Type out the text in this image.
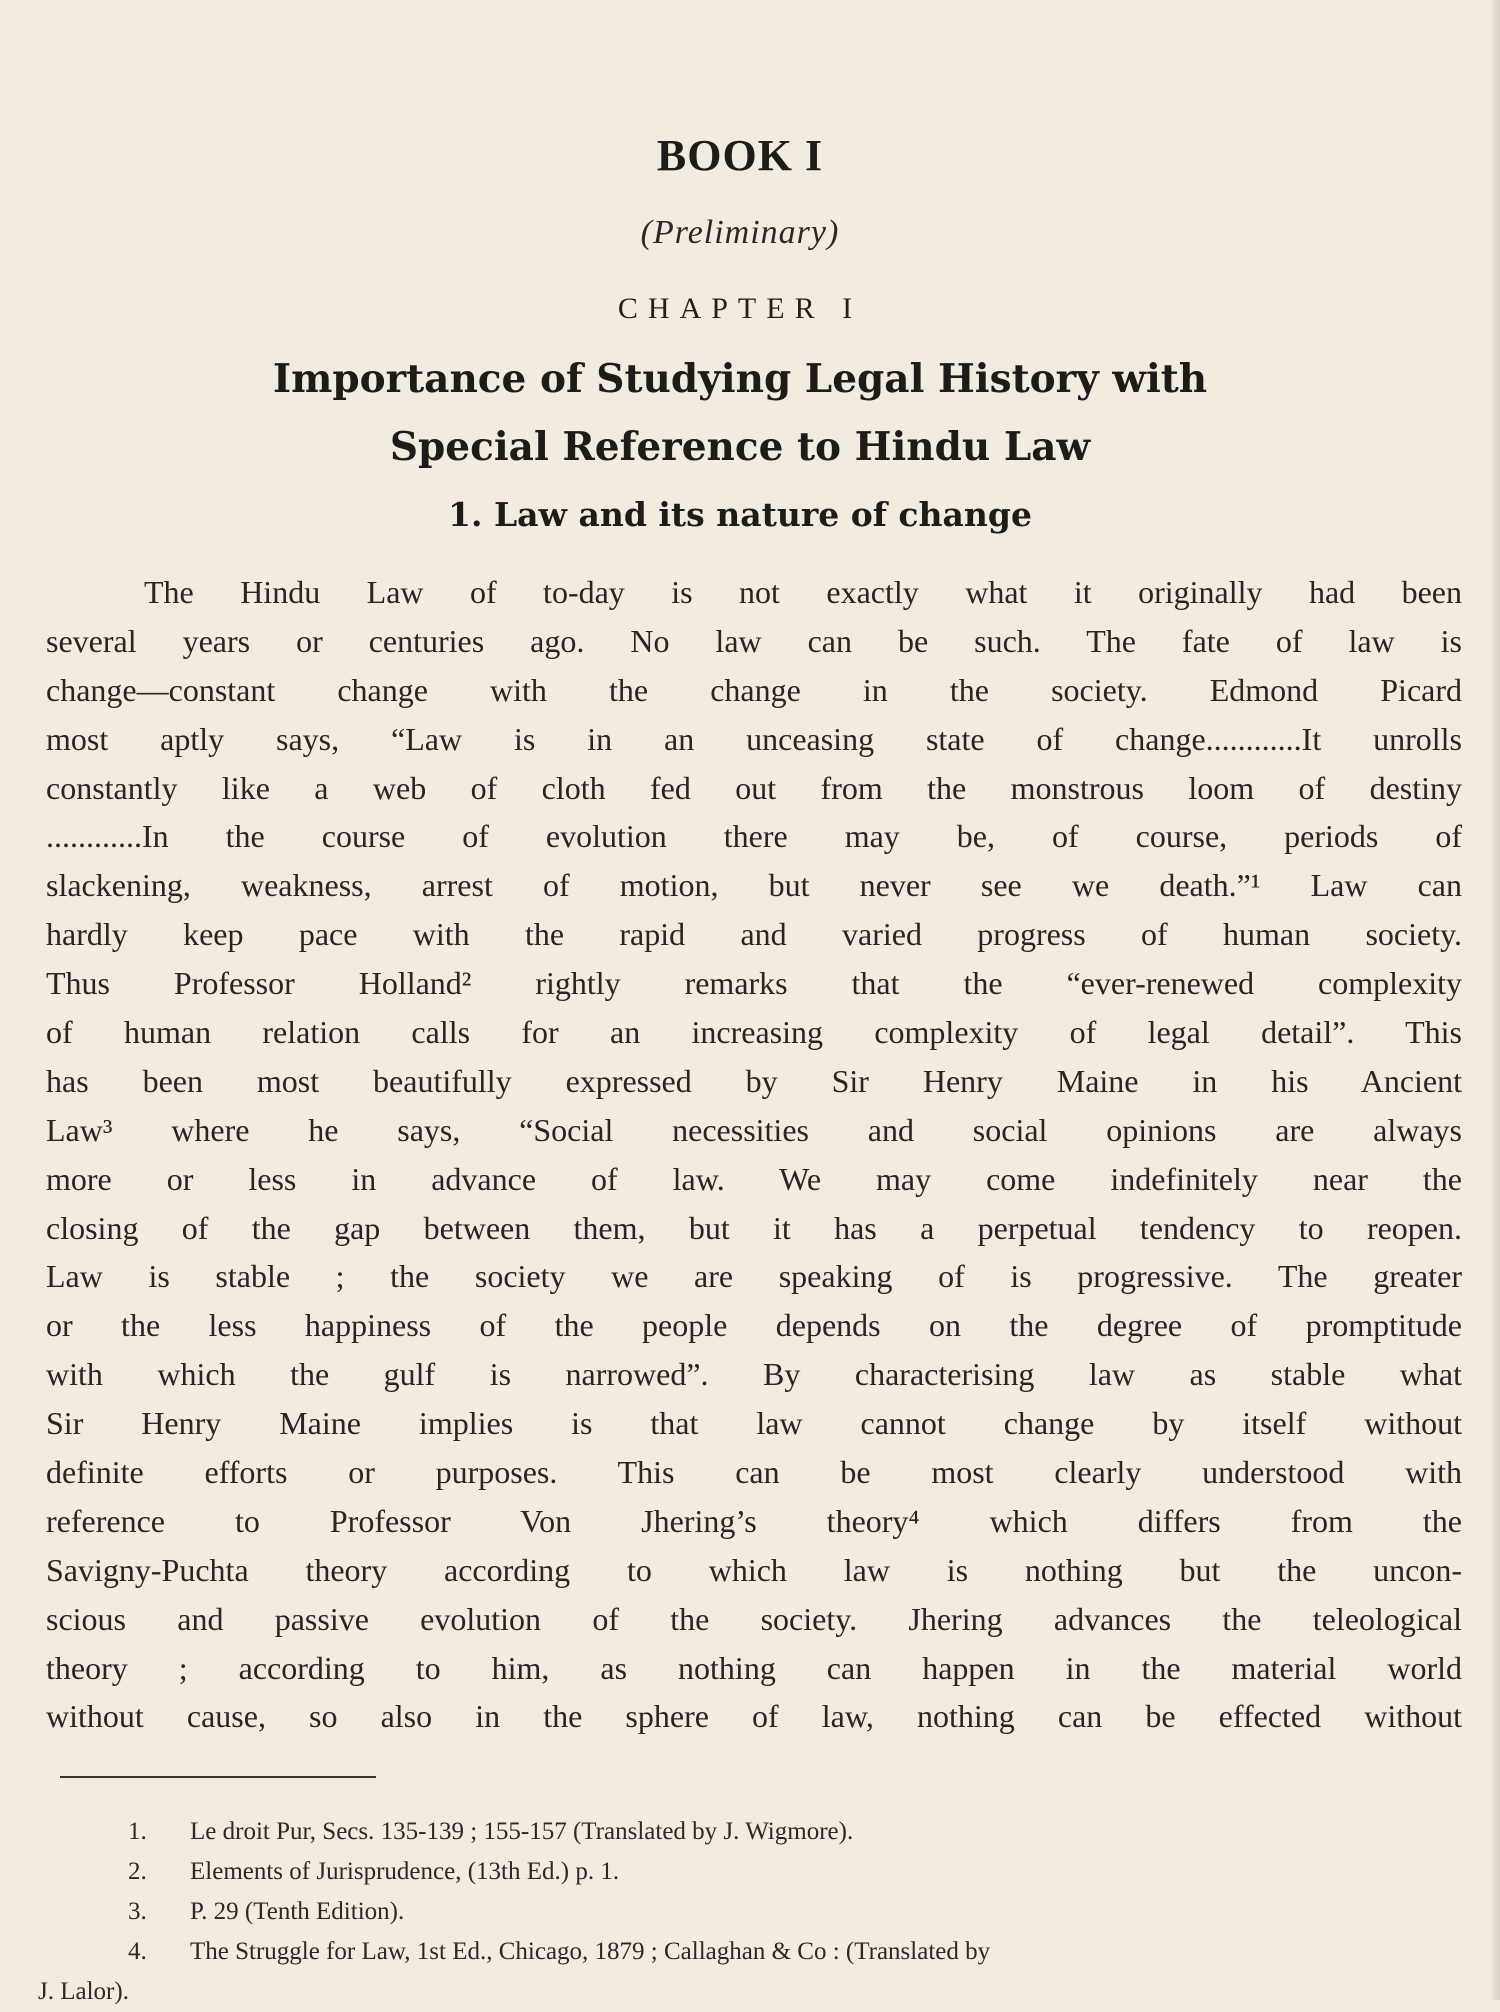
BOOK I
(Preliminary)
CHAPTER I
Importance of Studying Legal History with
Special Reference to Hindu Law
1. Law and its nature of change
The Hindu Law of to-day is not exactly what it originally had been
several years or centuries ago. No law can be such. The fate of law is
change—constant change with the change in the society. Edmond Picard
most aptly says, “Law is in an unceasing state of change............It unrolls
constantly like a web of cloth fed out from the monstrous loom of destiny
............In the course of evolution there may be, of course, periods of
slackening, weakness, arrest of motion, but never see we death.”¹ Law can
hardly keep pace with the rapid and varied progress of human society.
Thus Professor Holland² rightly remarks that the “ever-renewed complexity
of human relation calls for an increasing complexity of legal detail”. This
has been most beautifully expressed by Sir Henry Maine in his Ancient
Law³ where he says, “Social necessities and social opinions are always
more or less in advance of law. We may come indefinitely near the
closing of the gap between them, but it has a perpetual tendency to reopen.
Law is stable ; the society we are speaking of is progressive. The greater
or the less happiness of the people depends on the degree of promptitude
with which the gulf is narrowed”. By characterising law as stable what
Sir Henry Maine implies is that law cannot change by itself without
definite efforts or purposes. This can be most clearly understood with
reference to Professor Von Jhering’s theory⁴ which differs from the
Savigny-Puchta theory according to which law is nothing but the uncon-
scious and passive evolution of the society. Jhering advances the teleological
theory ; according to him, as nothing can happen in the material world
without cause, so also in the sphere of law, nothing can be effected without
1. Le droit Pur, Secs. 135-139 ; 155-157 (Translated by J. Wigmore).
2. Elements of Jurisprudence, (13th Ed.) p. 1.
3. P. 29 (Tenth Edition).
4. The Struggle for Law, 1st Ed., Chicago, 1879 ; Callaghan & Co : (Translated by
J. Lalor).
